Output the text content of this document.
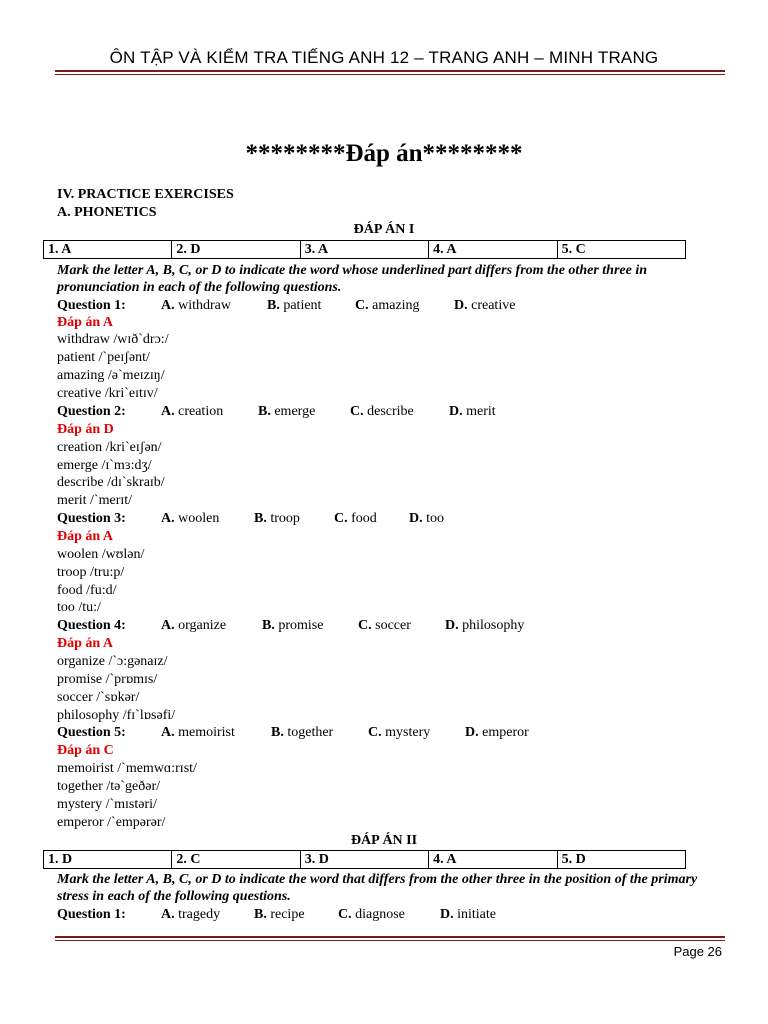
ÔN TẬP VÀ KIỂM TRA TIẾNG ANH 12 – TRANG ANH – MINH TRANG
********Đáp án********
IV. PRACTICE EXERCISES
A. PHONETICS
ĐÁP ÁN I
1. A	2. D	3. A	4. A	5. C
Mark the letter A, B, C, or D to indicate the word whose underlined part differs from the other three in pronunciation in each of the following questions.
Question 1:	A. withdraw	B. patient C. amazing D. creative
Đáp án A
withdraw /wɪð`drɔ:/
patient /`peɪʃənt/
amazing /ə`meɪzɪŋ/
creative /kri`eɪtɪv/
Question 2:	A. creation B. emerge C. describe	D. merit
Đáp án D
creation /kri`eɪʃən/
emerge /ɪ`mɜ:dʒ/
describe /dɪ`skraɪb/
merit /`merɪt/
Question 3:	A. woolen B. troop C. food D. too
Đáp án A
woolen /wʊlən/
troop /tru:p/
food /fu:d/
too /tu:/
Question 4:	A. organize	B. promise C. soccer D. philosophy
Đáp án A
organize /`ɔ:gənaɪz/
promise /`prɒmɪs/
soccer /`sɒkər/
philosophy /fɪ`lɒsəfi/
Question 5:	A. memoirist	B. together C. mystery D. emperor
Đáp án C
memoirist /`memwɑ:rɪst/
together /tə`geðər/
mystery /`mɪstəri/
emperor /`empərər/
ĐÁP ÁN II
1. D	2. C	3. D	4. A	5. D
Mark the letter A, B, C, or D to indicate the word that differs from the other three in the position of the primary stress in each of the following questions.
Question 1:	A. tragedy B. recipe C. diagnose	D. initiate
Page 26
